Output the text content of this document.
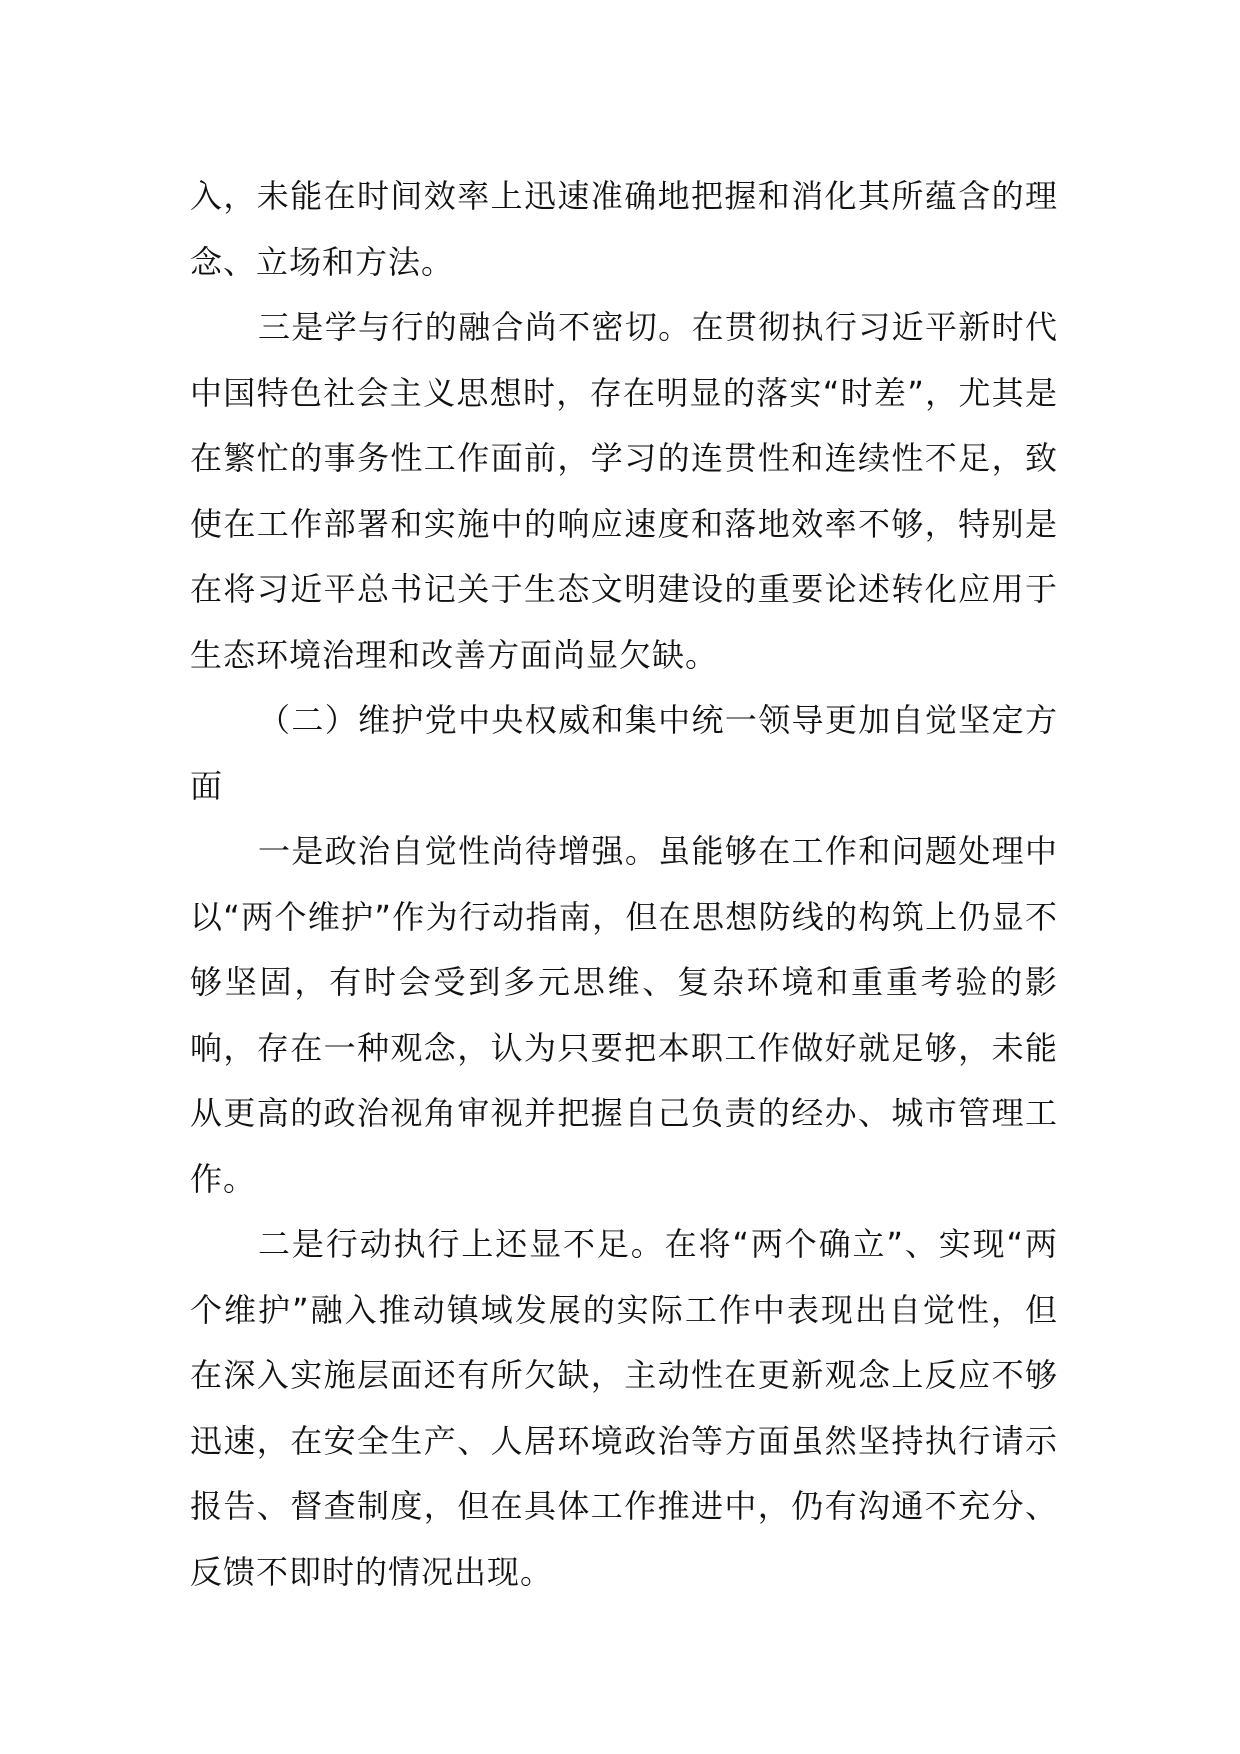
入，未能在时间效率上迅速准确地把握和消化其所蕴含的理念、立场和方法。

三是学与行的融合尚不密切。在贯彻执行习近平新时代中国特色社会主义思想时，存在明显的落实“时差”，尤其是在繁忙的事务性工作面前，学习的连贯性和连续性不足，致使在工作部署和实施中的响应速度和落地效率不够，特别是在将习近平总书记关于生态文明建设的重要论述转化应用于生态环境治理和改善方面尚显欠缺。

（二）维护党中央权威和集中统一领导更加自觉坚定方面

一是政治自觉性尚待增强。虽能够在工作和问题处理中以“两个维护”作为行动指南，但在思想防线的构筑上仍显不够坚固，有时会受到多元思维、复杂环境和重重考验的影响，存在一种观念，认为只要把本职工作做好就足够，未能从更高的政治视角审视并把握自己负责的经办、城市管理工作。

二是行动执行上还显不足。在将“两个确立”、实现“两个维护”融入推动镇域发展的实际工作中表现出自觉性，但在深入实施层面还有所欠缺，主动性在更新观念上反应不够迅速，在安全生产、人居环境政治等方面虽然坚持执行请示报告、督查制度，但在具体工作推进中，仍有沟通不充分、反馈不即时的情况出现。
